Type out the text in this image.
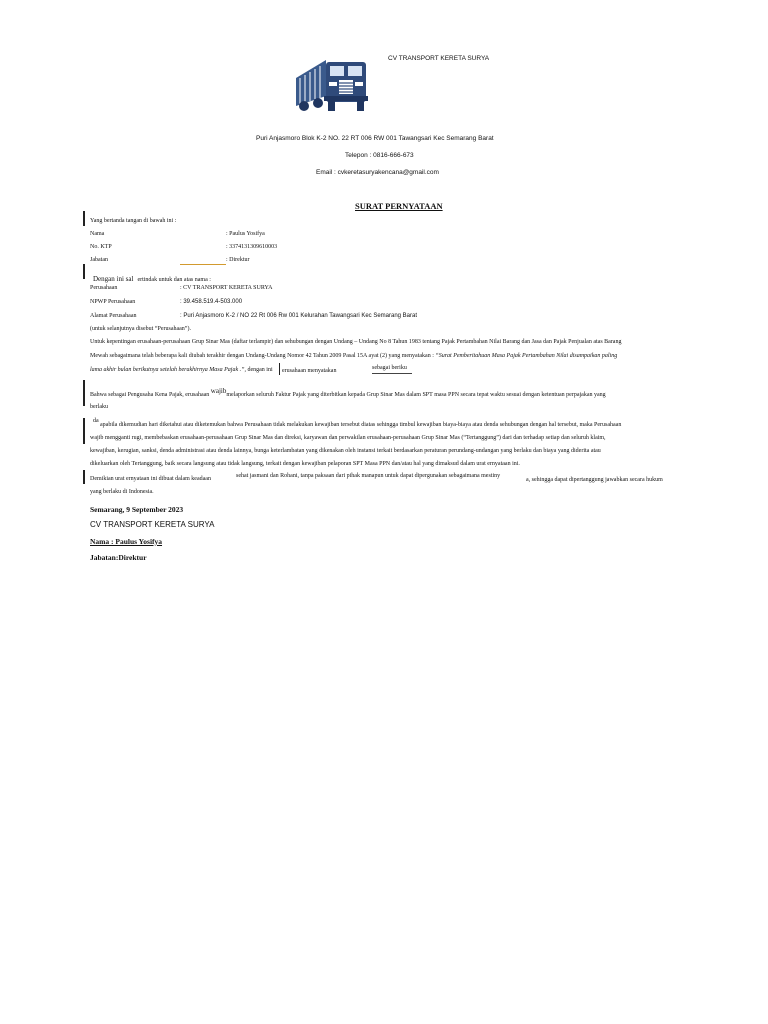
CV TRANSPORT KERETA SURYA
Puri Anjasmoro Blok K-2 NO. 22 RT 006 RW 001 Tawangsari Kec Semarang Barat
Telepon : 0816-666-673
Email : cvkeretasuryakencana@gmail.com
SURAT PERNYATAAN
Yang bertanda tangan di bawah ini :
Nama	: Paulus Yosifya
No. KTP	: 3374131309610003
Jabatan	: Direktur
Dengan ini sal ertindak untuk dan atas nama :
Perusahaan	: CV TRANSPORT KERETA SURYA
NPWP Perusahaan	: 39.458.519.4-503.000
Alamat Perusahaan	: Puri Anjasmoro K-2 / NO 22 Rt 006 Rw 001 Kelurahan Tawangsari Kec Semarang Barat
(untuk selanjutnya disebut “Perusahaan”).
Untuk kepentingan erusahaan-perusahaan Grup Sinar Mas (daftar terlampir) dan sehubungan dengan Undang – Undang No 8 Tahun 1983 tentang Pajak Pertambahan Nilai Barang dan Jasa dan Pajak Penjualan atas Barang
Mewah sebagaimana telah beberapa kali diubah terakhir dengan Undang-Undang Nomor 42 Tahun 2009 Pasal 15A ayat (2) yang menyatakan : “Surat Pemberitahuan Masa Pajak Pertambahan Nilai disampaikan paling
lama akhir bulan berikutnya setelah berakhirnya Masa Pajak .”, dengan ini erusahaan menyatakan	sebagai beriku
Bahwa sebagai Pengusaha Kena Pajak, erusahaan $^{wajib}$melaporkan seluruh Faktur Pajak yang diterbitkan kepada Grup Sinar Mas dalam SPT masa PPN secara tepat waktu sesuai dengan ketentuan perpajakan yang
berlaku
da
apabila dikemudian hari diketahui atau diketemukan bahwa Perusahaan tidak melakukan kewajiban tersebut diatas sehingga timbul kewajiban biaya-biaya atau denda sehubungan dengan hal tersebut, maka Perusahaan
wajib mengganti rugi, membebaskan erusahaan-perusahaan Grup Sinar Mas dan direksi, karyawan dan perwakilan erusahaan-perusahaan Grup Sinar Mas (“Tertanggung”) dari dan terhadap setiap dan seluruh klaim,
kewajiban, kerugian, sanksi, denda administrasi atau denda lainnya, bunga keterlambatan yang dikenakan oleh instansi terkait berdasarkan peraturan perundang-undangan yang berlaku dan biaya yang diderita atau
dikeluarkan oleh Tertanggung, baik secara langsung atau tidak langsung, terkait dengan kewajiban pelaporan SPT Masa PPN dan/atau hal yang dimaksud dalam urat ernyataan ini.
Demikian urat ernyataan ini dibuat dalam keadaan	sehat jasmani dan Rohani, tanpa paksaan dari pihak manapun untuk dapat dipergunakan sebagaimana mestiny
a, sehingga dapat dipertanggung jawabkan secara hukum
yang berlaku di Indonesia.
Semarang, 9 September 2023
CV TRANSPORT KERETA SURYA
Nama : Paulus Yosifya
Jabatan:Direktur
